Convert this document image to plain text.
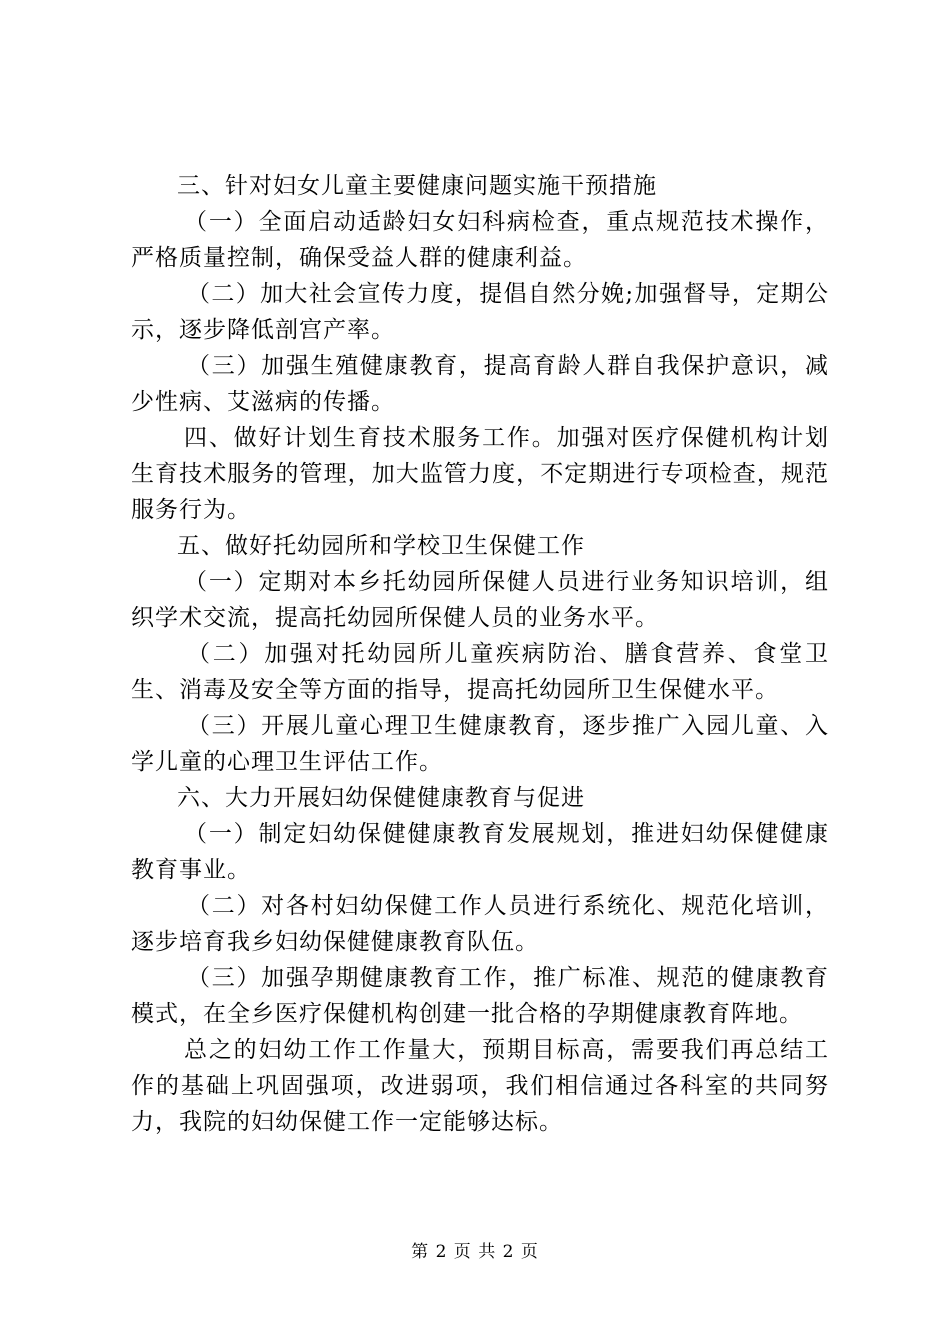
三、针对妇女儿童主要健康问题实施干预措施

（一）全面启动适龄妇女妇科病检查，重点规范技术操作，严格质量控制，确保受益人群的健康利益。

（二）加大社会宣传力度，提倡自然分娩;加强督导，定期公示，逐步降低剖宫产率。

（三）加强生殖健康教育，提高育龄人群自我保护意识，减少性病、艾滋病的传播。

四、做好计划生育技术服务工作。加强对医疗保健机构计划生育技术服务的管理，加大监管力度，不定期进行专项检查，规范服务行为。

五、做好托幼园所和学校卫生保健工作

（一）定期对本乡托幼园所保健人员进行业务知识培训，组织学术交流，提高托幼园所保健人员的业务水平。

（二）加强对托幼园所儿童疾病防治、膳食营养、食堂卫生、消毒及安全等方面的指导，提高托幼园所卫生保健水平。

（三）开展儿童心理卫生健康教育，逐步推广入园儿童、入学儿童的心理卫生评估工作。

六、大力开展妇幼保健健康教育与促进

（一）制定妇幼保健健康教育发展规划，推进妇幼保健健康教育事业。

（二）对各村妇幼保健工作人员进行系统化、规范化培训，逐步培育我乡妇幼保健健康教育队伍。

（三）加强孕期健康教育工作，推广标准、规范的健康教育模式，在全乡医疗保健机构创建一批合格的孕期健康教育阵地。

总之的妇幼工作工作量大，预期目标高，需要我们再总结工作的基础上巩固强项，改进弱项，我们相信通过各科室的共同努力，我院的妇幼保健工作一定能够达标。

第 2 页 共 2 页
